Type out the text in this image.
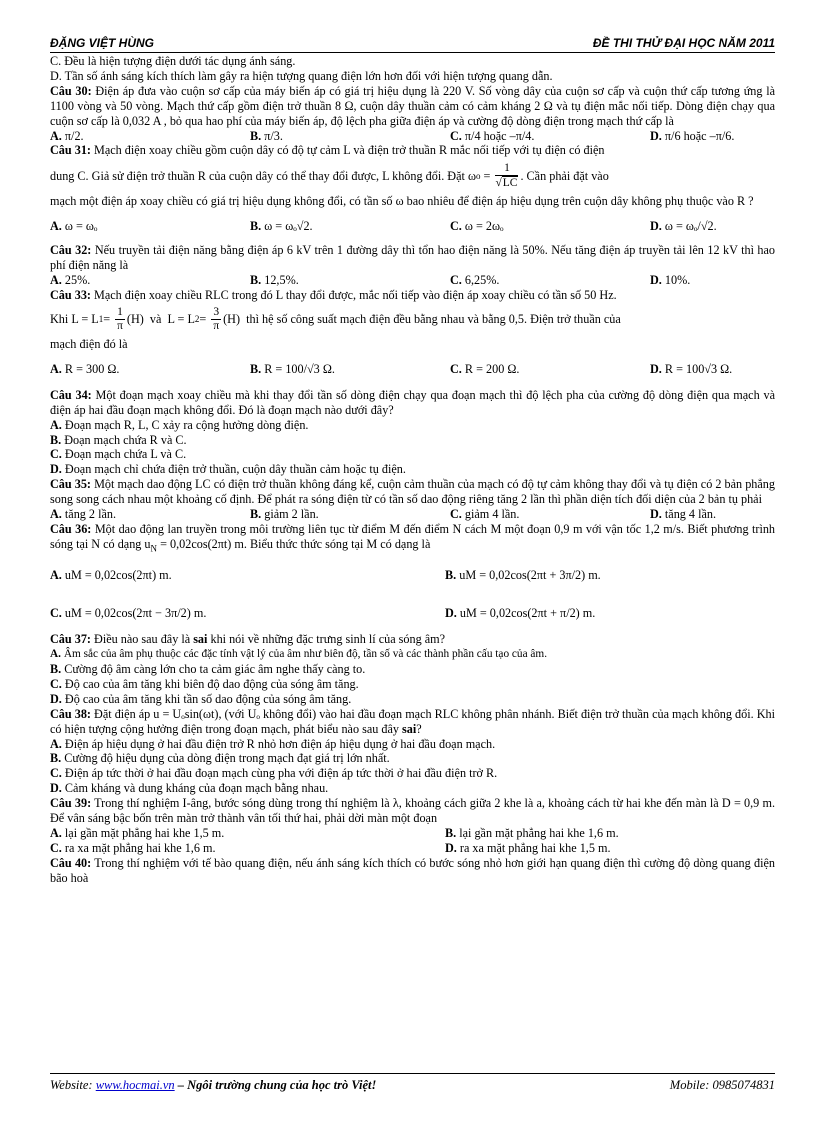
ĐẶNG VIỆT HÙNG	ĐỀ THI THỬ ĐẠI HỌC NĂM 2011

C. Đều là hiện tượng điện dưới tác dụng ánh sáng.

D. Tần số ánh sáng kích thích làm gây ra hiện tượng quang điện lớn hơn đối với hiện tượng quang dẫn.

Câu 30: Điện áp đưa vào cuộn sơ cấp của máy biến áp có giá trị hiệu dụng là 220 V. Số vòng dây của cuộn sơ cấp và cuộn thứ cấp tương ứng là 1100 vòng và 50 vòng. Mạch thứ cấp gồm điện trở thuần 8 Ω, cuộn dây thuần cảm có cảm kháng 2 Ω và tụ điện mắc nối tiếp. Dòng điện chạy qua cuộn sơ cấp là 0,032 A , bỏ qua hao phí của máy biến áp, độ lệch pha giữa điện áp và cường độ dòng điện trong mạch thứ cấp là

A. π/2.	B. π/3.	C. π/4 hoặc –π/4.	D. π/6 hoặc –π/6.

Câu 31: Mạch điện xoay chiều gồm cuộn dây có độ tự cảm L và điện trở thuần R mắc nối tiếp với tụ điện có điện

dung C. Giả sử điện trở thuần R của cuộn dây có thể thay đổi được, L không đổi. Đặt ω $o = \frac{1}{√LC}$ . Cần phải đặt vào

mạch một điện áp xoay chiều có giá trị hiệu dụng không đổi, có tần số ω bao nhiêu để điện áp hiệu dụng trên cuộn dây không phụ thuộc vào R ?

A. ω = ωₒ	B. ω = ωₒ√2.	C. ω = 2ωₒ	D. ω = ωₒ/√2.

Câu 32: Nếu truyền tải điện năng bằng điện áp 6 kV trên 1 đường dây thì tổn hao điện năng là 50%. Nếu tăng điện áp truyền tải lên 12 kV thì hao phí điện năng là

A. 25%.	B. 12,5%.	C. 6,25%.	D. 10%.

Câu 33: Mạch điện xoay chiều RLC trong đó L thay đổi được, mắc nối tiếp vào điện áp xoay chiều có tần số 50 Hz.

Khi L = L $1 = \frac{1}{\pi} (H)$  và  L = L $2 = \frac{3}{\pi} (H)$ thì hệ số công suất mạch điện đều bằng nhau và bằng 0,5. Điện trở thuần của

mạch điện đó là

A. R = 300 Ω.	B. R = 100/√3 Ω.	C. R = 200 Ω.	D. R = 100√3 Ω.

Câu 34: Một đoạn mạch xoay chiều mà khi thay đổi tần số dòng điện chạy qua đoạn mạch thì độ lệch pha của cường độ dòng điện qua mạch và điện áp hai đầu đoạn mạch không đổi. Đó là đoạn mạch nào dưới đây?

A. Đoạn mạch R, L, C xảy ra cộng hưởng dòng điện.

B. Đoạn mạch chứa R và C.

C. Đoạn mạch chứa L và C.

D. Đoạn mạch chỉ chứa điện trở thuần, cuộn dây thuần cảm hoặc tụ điện.

Câu 35: Một mạch dao động LC có điện trở thuần không đáng kể, cuộn cảm thuần của mạch có độ tự cảm không thay đổi và tụ điện có 2 bản phẳng song song cách nhau một khoảng cố định. Để phát ra sóng điện từ có tần số dao động riêng tăng 2 lần thì phần diện tích đối diện của 2 bản tụ phải

A. tăng 2 lần.	B. giảm 2 lần.	C. giảm 4 lần.	D. tăng 4 lần.

Câu 36: Một dao động lan truyền trong môi trường liên tục từ điểm M đến điểm N cách M một đoạn 0,9 m với vận tốc 1,2 m/s. Biết phương trình sóng tại N có dạng $u_N = 0,02\cos(2\pi t)$ m. Biểu thức thức sóng tại M có dạng là

A. uM = 0,02cos(2πt) m.	B. uM = 0,02cos(2πt + 3π/2) m.
C. uM = 0,02cos(2πt − 3π/2) m.	D. uM = 0,02cos(2πt + π/2) m.

Câu 37: Điều nào sau đây là sai khi nói về những đặc trưng sinh lí của sóng âm?

A. Âm sắc của âm phụ thuộc các đặc tính vật lý của âm như biên độ, tần số và các thành phần cấu tạo của âm.

B. Cường độ âm càng lớn cho ta cảm giác âm nghe thấy càng to.

C. Độ cao của âm tăng khi biên độ dao động của sóng âm tăng.

D. Độ cao của âm tăng khi tần số dao động của sóng âm tăng.

Câu 38: Đặt điện áp u = Uₒsin(ωt), (với Uₒ không đổi) vào hai đầu đoạn mạch RLC không phân nhánh. Biết điện trở thuần của mạch không đổi. Khi có hiện tượng cộng hưởng điện trong đoạn mạch, phát biểu nào sau đây sai?

A. Điện áp hiệu dụng ở hai đầu điện trở R nhỏ hơn điện áp hiệu dụng ở hai đầu đoạn mạch.

B. Cường độ hiệu dụng của dòng điện trong mạch đạt giá trị lớn nhất.

C. Điện áp tức thời ở hai đầu đoạn mạch cùng pha với điện áp tức thời ở hai đầu điện trở R.

D. Cảm kháng và dung kháng của đoạn mạch bằng nhau.

Câu 39: Trong thí nghiệm I-âng, bước sóng dùng trong thí nghiệm là λ, khoảng cách giữa 2 khe là a, khoảng cách từ hai khe đến màn là D = 0,9 m. Để vân sáng bậc bốn trên màn trở thành vân tối thứ hai, phải dời màn một đoạn

A. lại gần mặt phẳng hai khe 1,5 m.	B. lại gần mặt phẳng hai khe 1,6 m.
C. ra xa mặt phẳng hai khe 1,6 m.	D. ra xa mặt phẳng hai khe 1,5 m.

Câu 40: Trong thí nghiệm với tế bào quang điện, nếu ánh sáng kích thích có bước sóng nhỏ hơn giới hạn quang điện thì cường độ dòng quang điện bão hoà

Website: www.hocmai.vn – Ngôi trường chung của học trò Việt!	Mobile: 0985074831
